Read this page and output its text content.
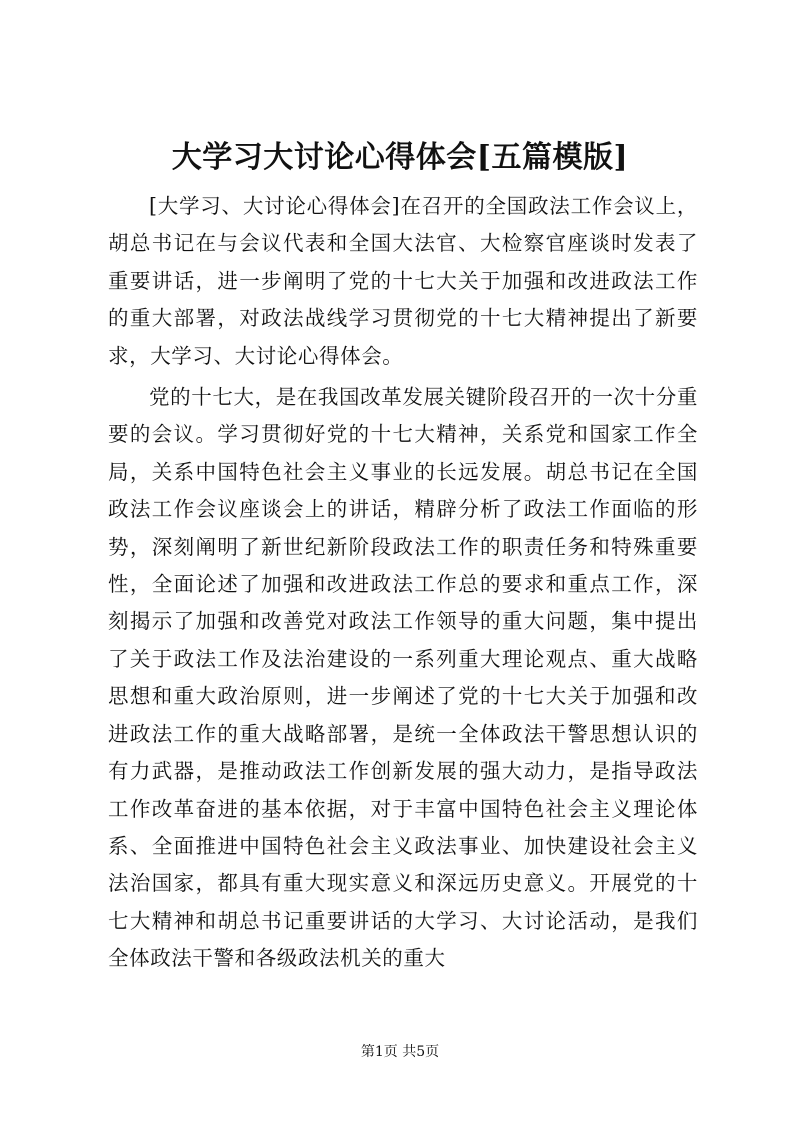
大学习大讨论心得体会[五篇模版]

[大学习、大讨论心得体会]在召开的全国政法工作会议上，胡总书记在与会议代表和全国大法官、大检察官座谈时发表了重要讲话，进一步阐明了党的十七大关于加强和改进政法工作的重大部署，对政法战线学习贯彻党的十七大精神提出了新要求，大学习、大讨论心得体会。

党的十七大，是在我国改革发展关键阶段召开的一次十分重要的会议。学习贯彻好党的十七大精神，关系党和国家工作全局，关系中国特色社会主义事业的长远发展。胡总书记在全国政法工作会议座谈会上的讲话，精辟分析了政法工作面临的形势，深刻阐明了新世纪新阶段政法工作的职责任务和特殊重要性，全面论述了加强和改进政法工作总的要求和重点工作，深刻揭示了加强和改善党对政法工作领导的重大问题，集中提出了关于政法工作及法治建设的一系列重大理论观点、重大战略思想和重大政治原则，进一步阐述了党的十七大关于加强和改进政法工作的重大战略部署，是统一全体政法干警思想认识的有力武器，是推动政法工作创新发展的强大动力，是指导政法工作改革奋进的基本依据，对于丰富中国特色社会主义理论体系、全面推进中国特色社会主义政法事业、加快建设社会主义法治国家，都具有重大现实意义和深远历史意义。开展党的十七大精神和胡总书记重要讲话的大学习、大讨论活动，是我们全体政法干警和各级政法机关的重大

第1页 共5页
